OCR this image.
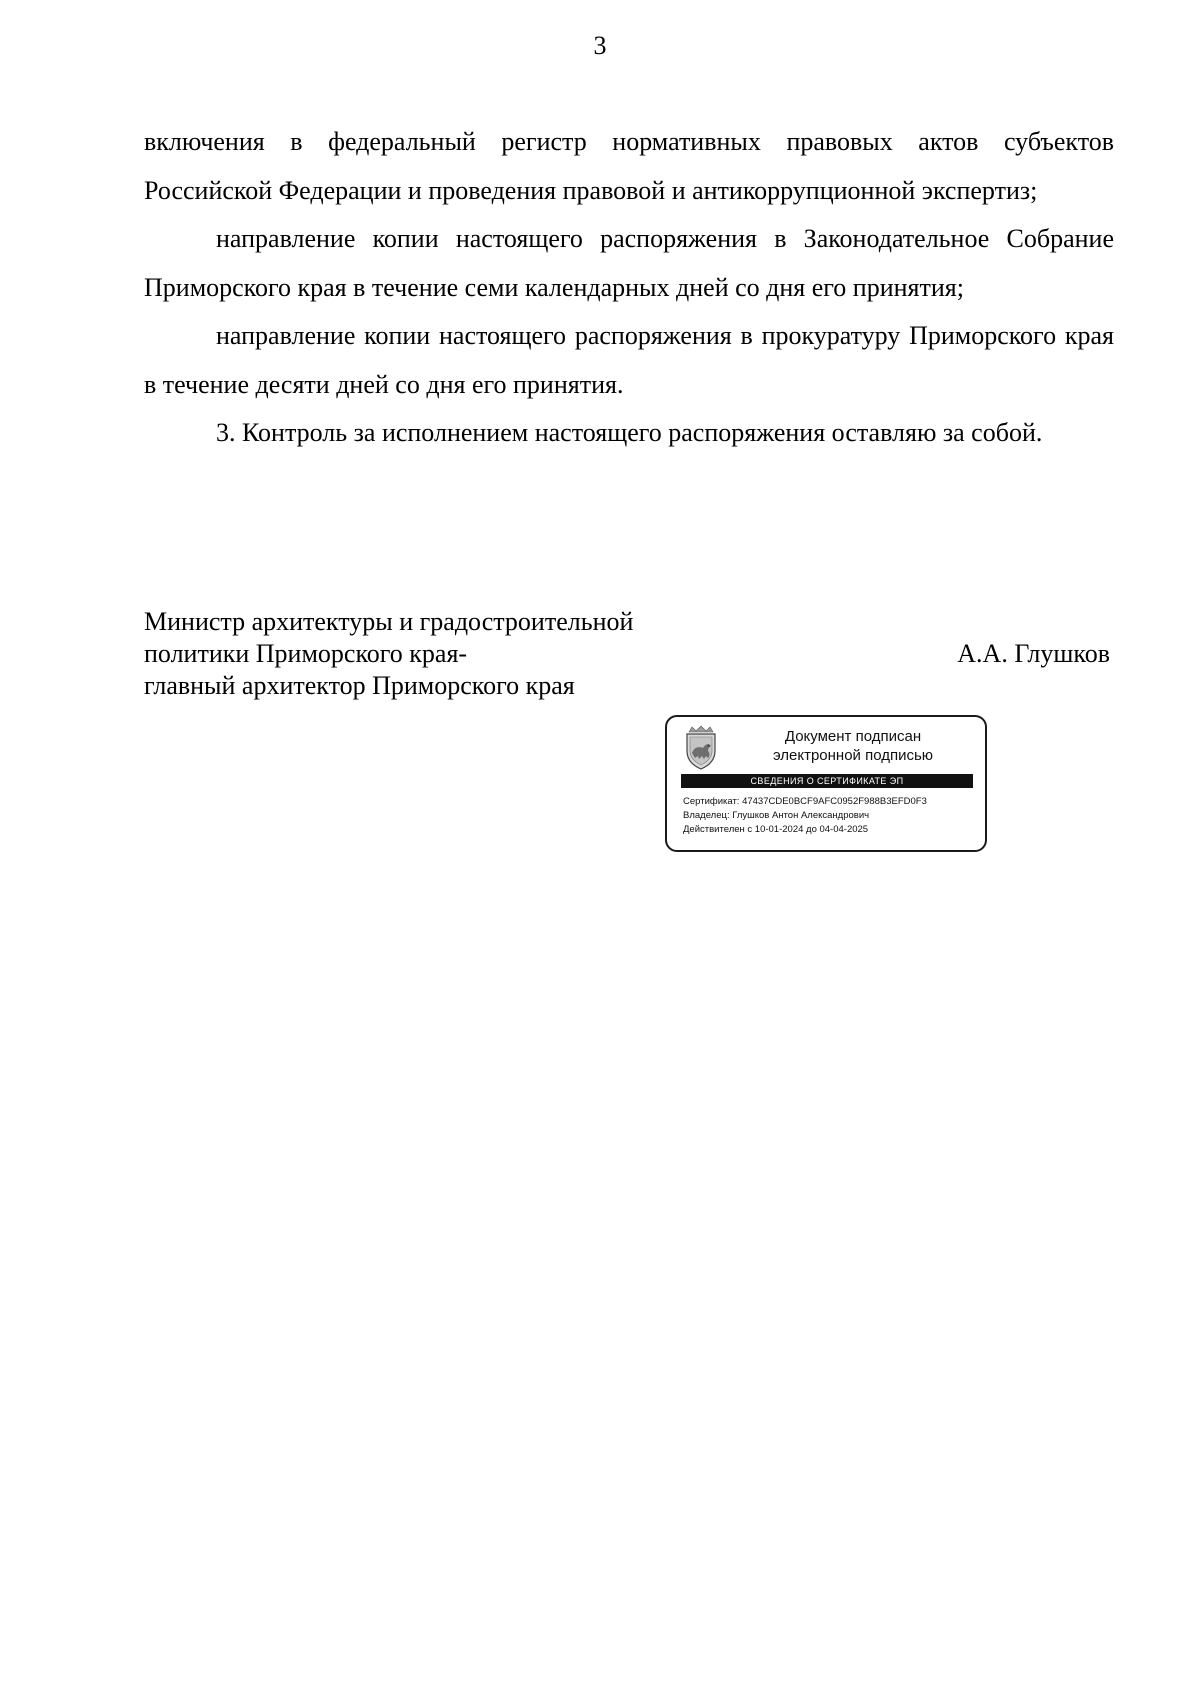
3

включения в федеральный регистр нормативных правовых актов субъектов Российской Федерации и проведения правовой и антикоррупционной экспертиз;

направление копии настоящего распоряжения в Законодательное Собрание Приморского края в течение семи календарных дней со дня его принятия;

направление копии настоящего распоряжения в прокуратуру Приморского края в течение десяти дней со дня его принятия.

3. Контроль за исполнением настоящего распоряжения оставляю за собой.

Министр архитектуры и градостроительной
политики Приморского края-
главный архитектор Приморского края
А.А. Глушков
Документ подписан
электронной подписью
СВЕДЕНИЯ О СЕРТИФИКАТЕ ЭП
Сертификат: 47437CDE0BCF9AFC0952F988B3EFD0F3
Владелец: Глушков Антон Александрович
Действителен с 10-01-2024 до 04-04-2025
